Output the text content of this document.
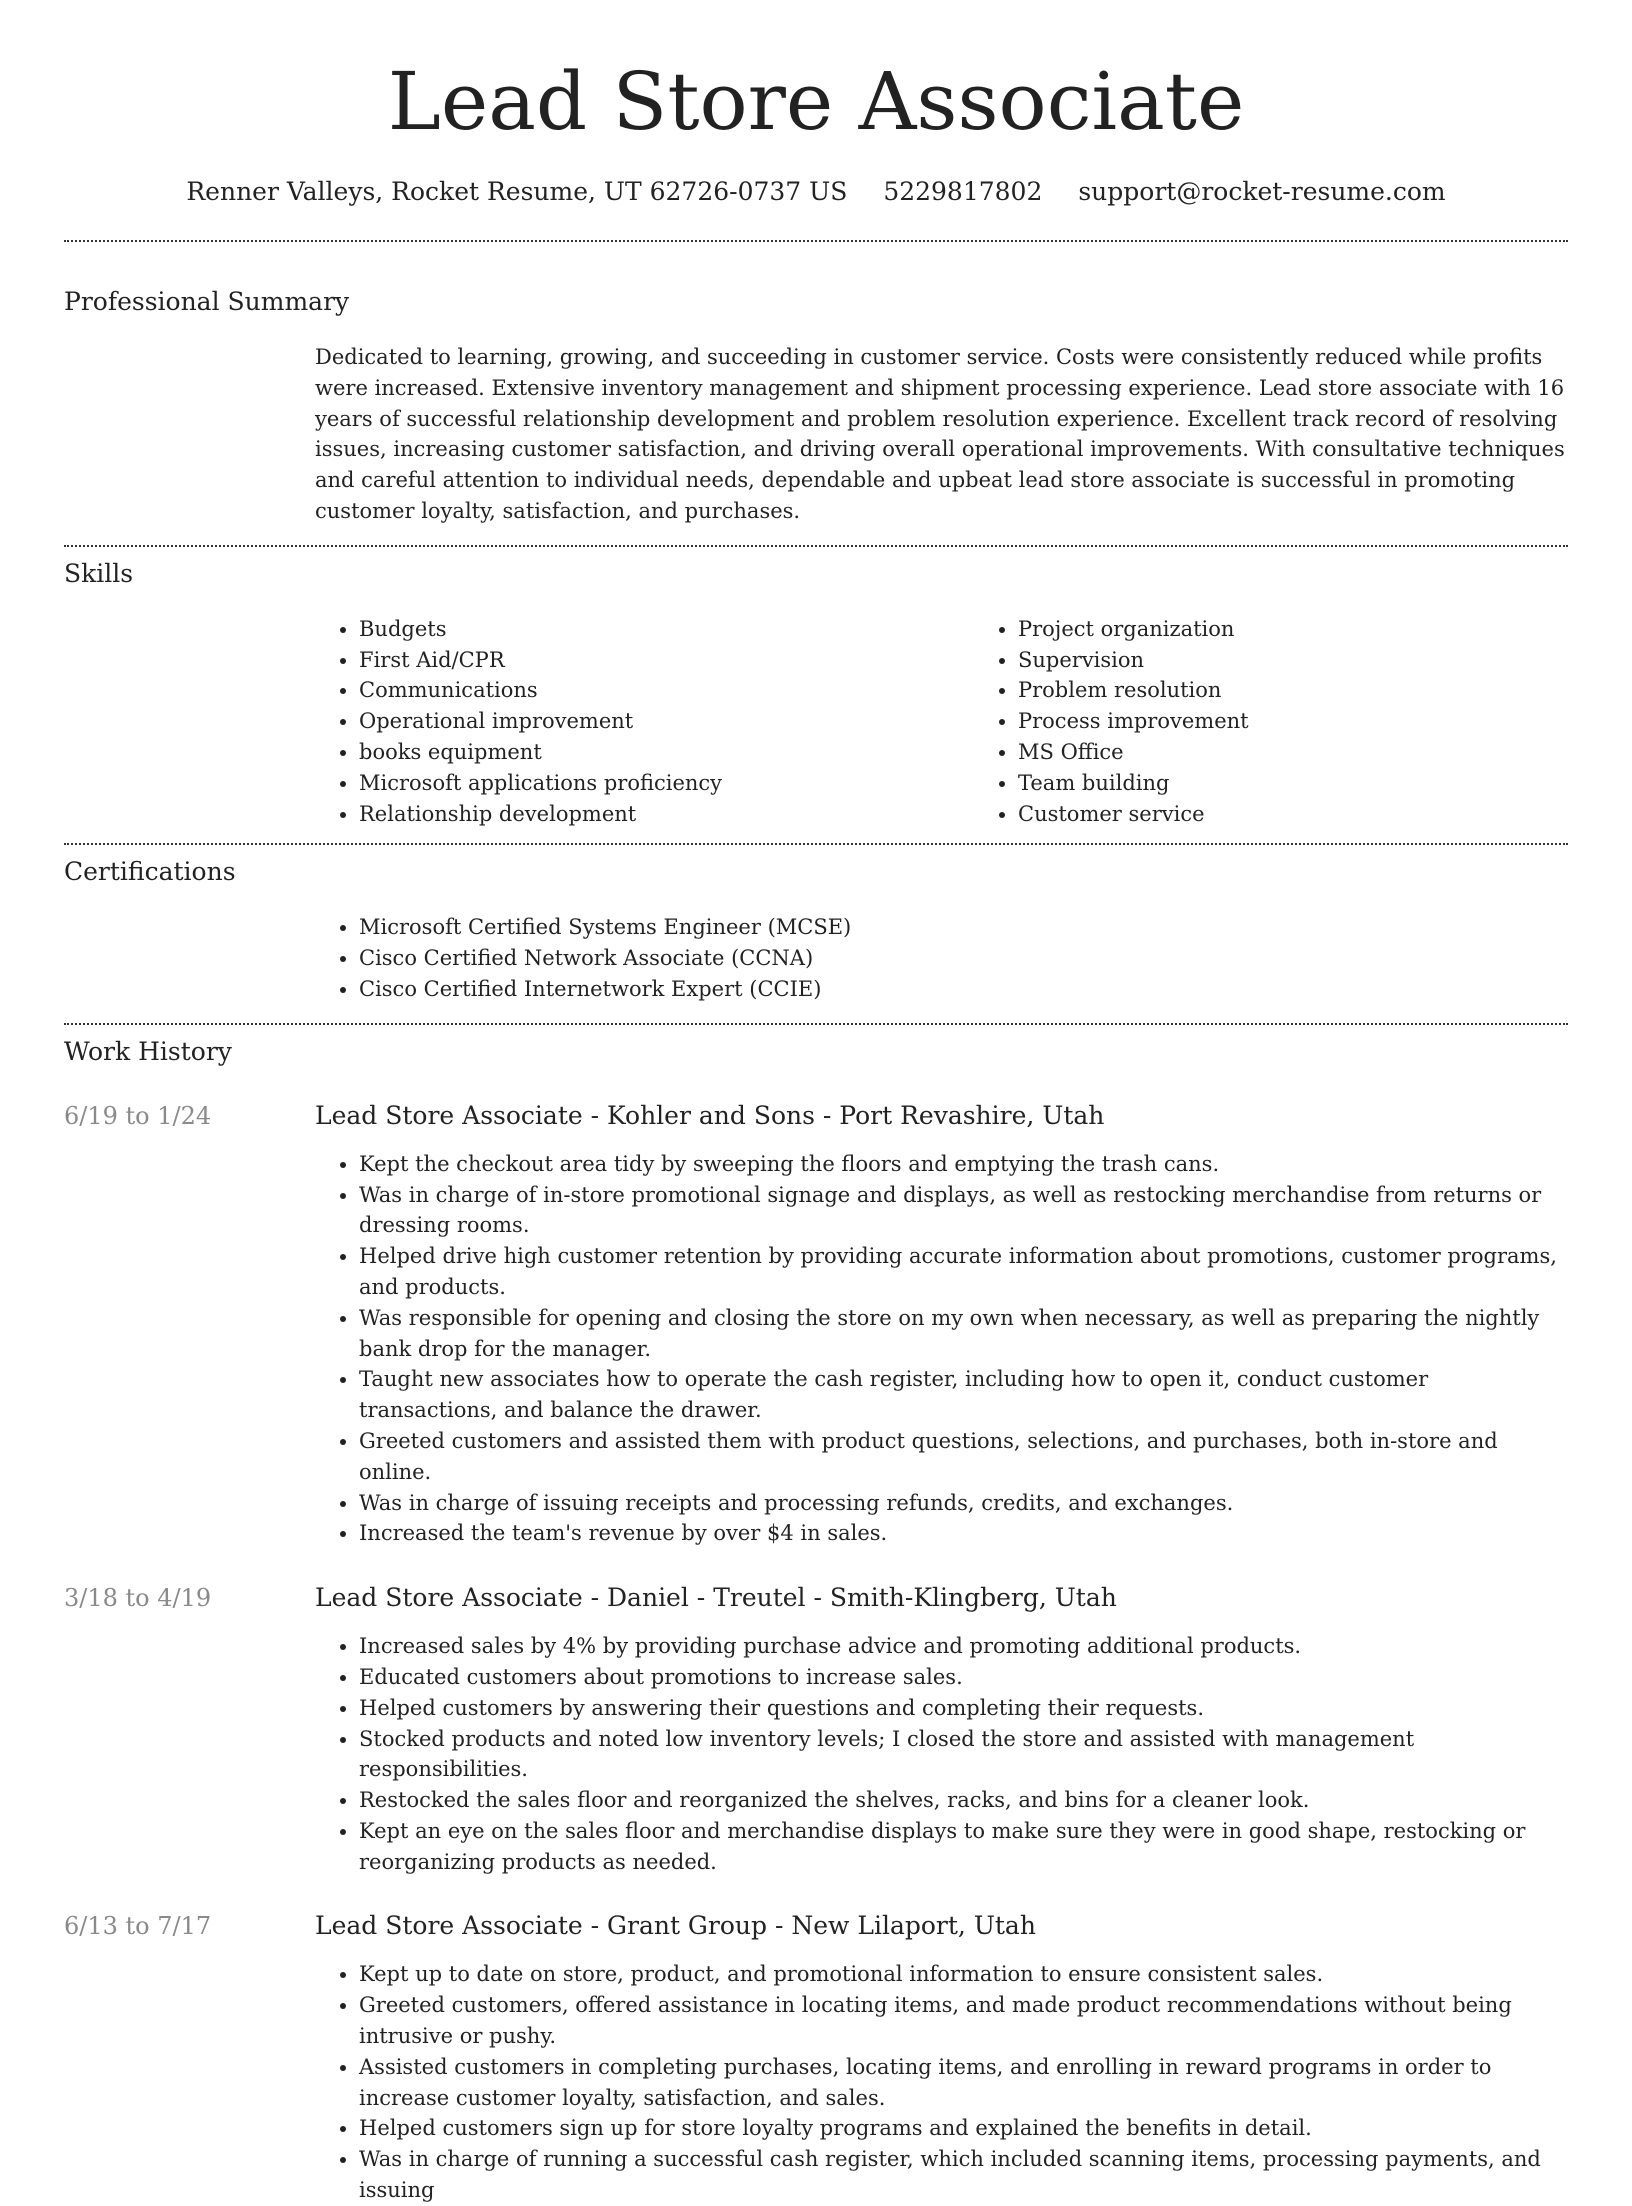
Lead Store Associate
Renner Valleys, Rocket Resume, UT 62726-0737 US 5229817802 support@rocket-resume.com
Professional Summary
Dedicated to learning, growing, and succeeding in customer service. Costs were consistently reduced while profits were increased. Extensive inventory management and shipment processing experience. Lead store associate with 16 years of successful relationship development and problem resolution experience. Excellent track record of resolving issues, increasing customer satisfaction, and driving overall operational improvements. With consultative techniques and careful attention to individual needs, dependable and upbeat lead store associate is successful in promoting customer loyalty, satisfaction, and purchases.
Skills
• Budgets
• First Aid/CPR
• Communications
• Operational improvement
• books equipment
• Microsoft applications proficiency
• Relationship development
• Project organization
• Supervision
• Problem resolution
• Process improvement
• MS Office
• Team building
• Customer service
Certifications
• Microsoft Certified Systems Engineer (MCSE)
• Cisco Certified Network Associate (CCNA)
• Cisco Certified Internetwork Expert (CCIE)
Work History
6/19 to 1/24	Lead Store Associate - Kohler and Sons - Port Revashire, Utah
• Kept the checkout area tidy by sweeping the floors and emptying the trash cans.
• Was in charge of in-store promotional signage and displays, as well as restocking merchandise from returns or dressing rooms.
• Helped drive high customer retention by providing accurate information about promotions, customer programs, and products.
• Was responsible for opening and closing the store on my own when necessary, as well as preparing the nightly bank drop for the manager.
• Taught new associates how to operate the cash register, including how to open it, conduct customer transactions, and balance the drawer.
• Greeted customers and assisted them with product questions, selections, and purchases, both in-store and online.
• Was in charge of issuing receipts and processing refunds, credits, and exchanges.
• Increased the team's revenue by over $4 in sales.
3/18 to 4/19	Lead Store Associate - Daniel - Treutel - Smith-Klingberg, Utah
• Increased sales by 4% by providing purchase advice and promoting additional products.
• Educated customers about promotions to increase sales.
• Helped customers by answering their questions and completing their requests.
• Stocked products and noted low inventory levels; I closed the store and assisted with management responsibilities.
• Restocked the sales floor and reorganized the shelves, racks, and bins for a cleaner look.
• Kept an eye on the sales floor and merchandise displays to make sure they were in good shape, restocking or reorganizing products as needed.
6/13 to 7/17	Lead Store Associate - Grant Group - New Lilaport, Utah
• Kept up to date on store, product, and promotional information to ensure consistent sales.
• Greeted customers, offered assistance in locating items, and made product recommendations without being intrusive or pushy.
• Assisted customers in completing purchases, locating items, and enrolling in reward programs in order to increase customer loyalty, satisfaction, and sales.
• Helped customers sign up for store loyalty programs and explained the benefits in detail.
• Was in charge of running a successful cash register, which included scanning items, processing payments, and issuing
